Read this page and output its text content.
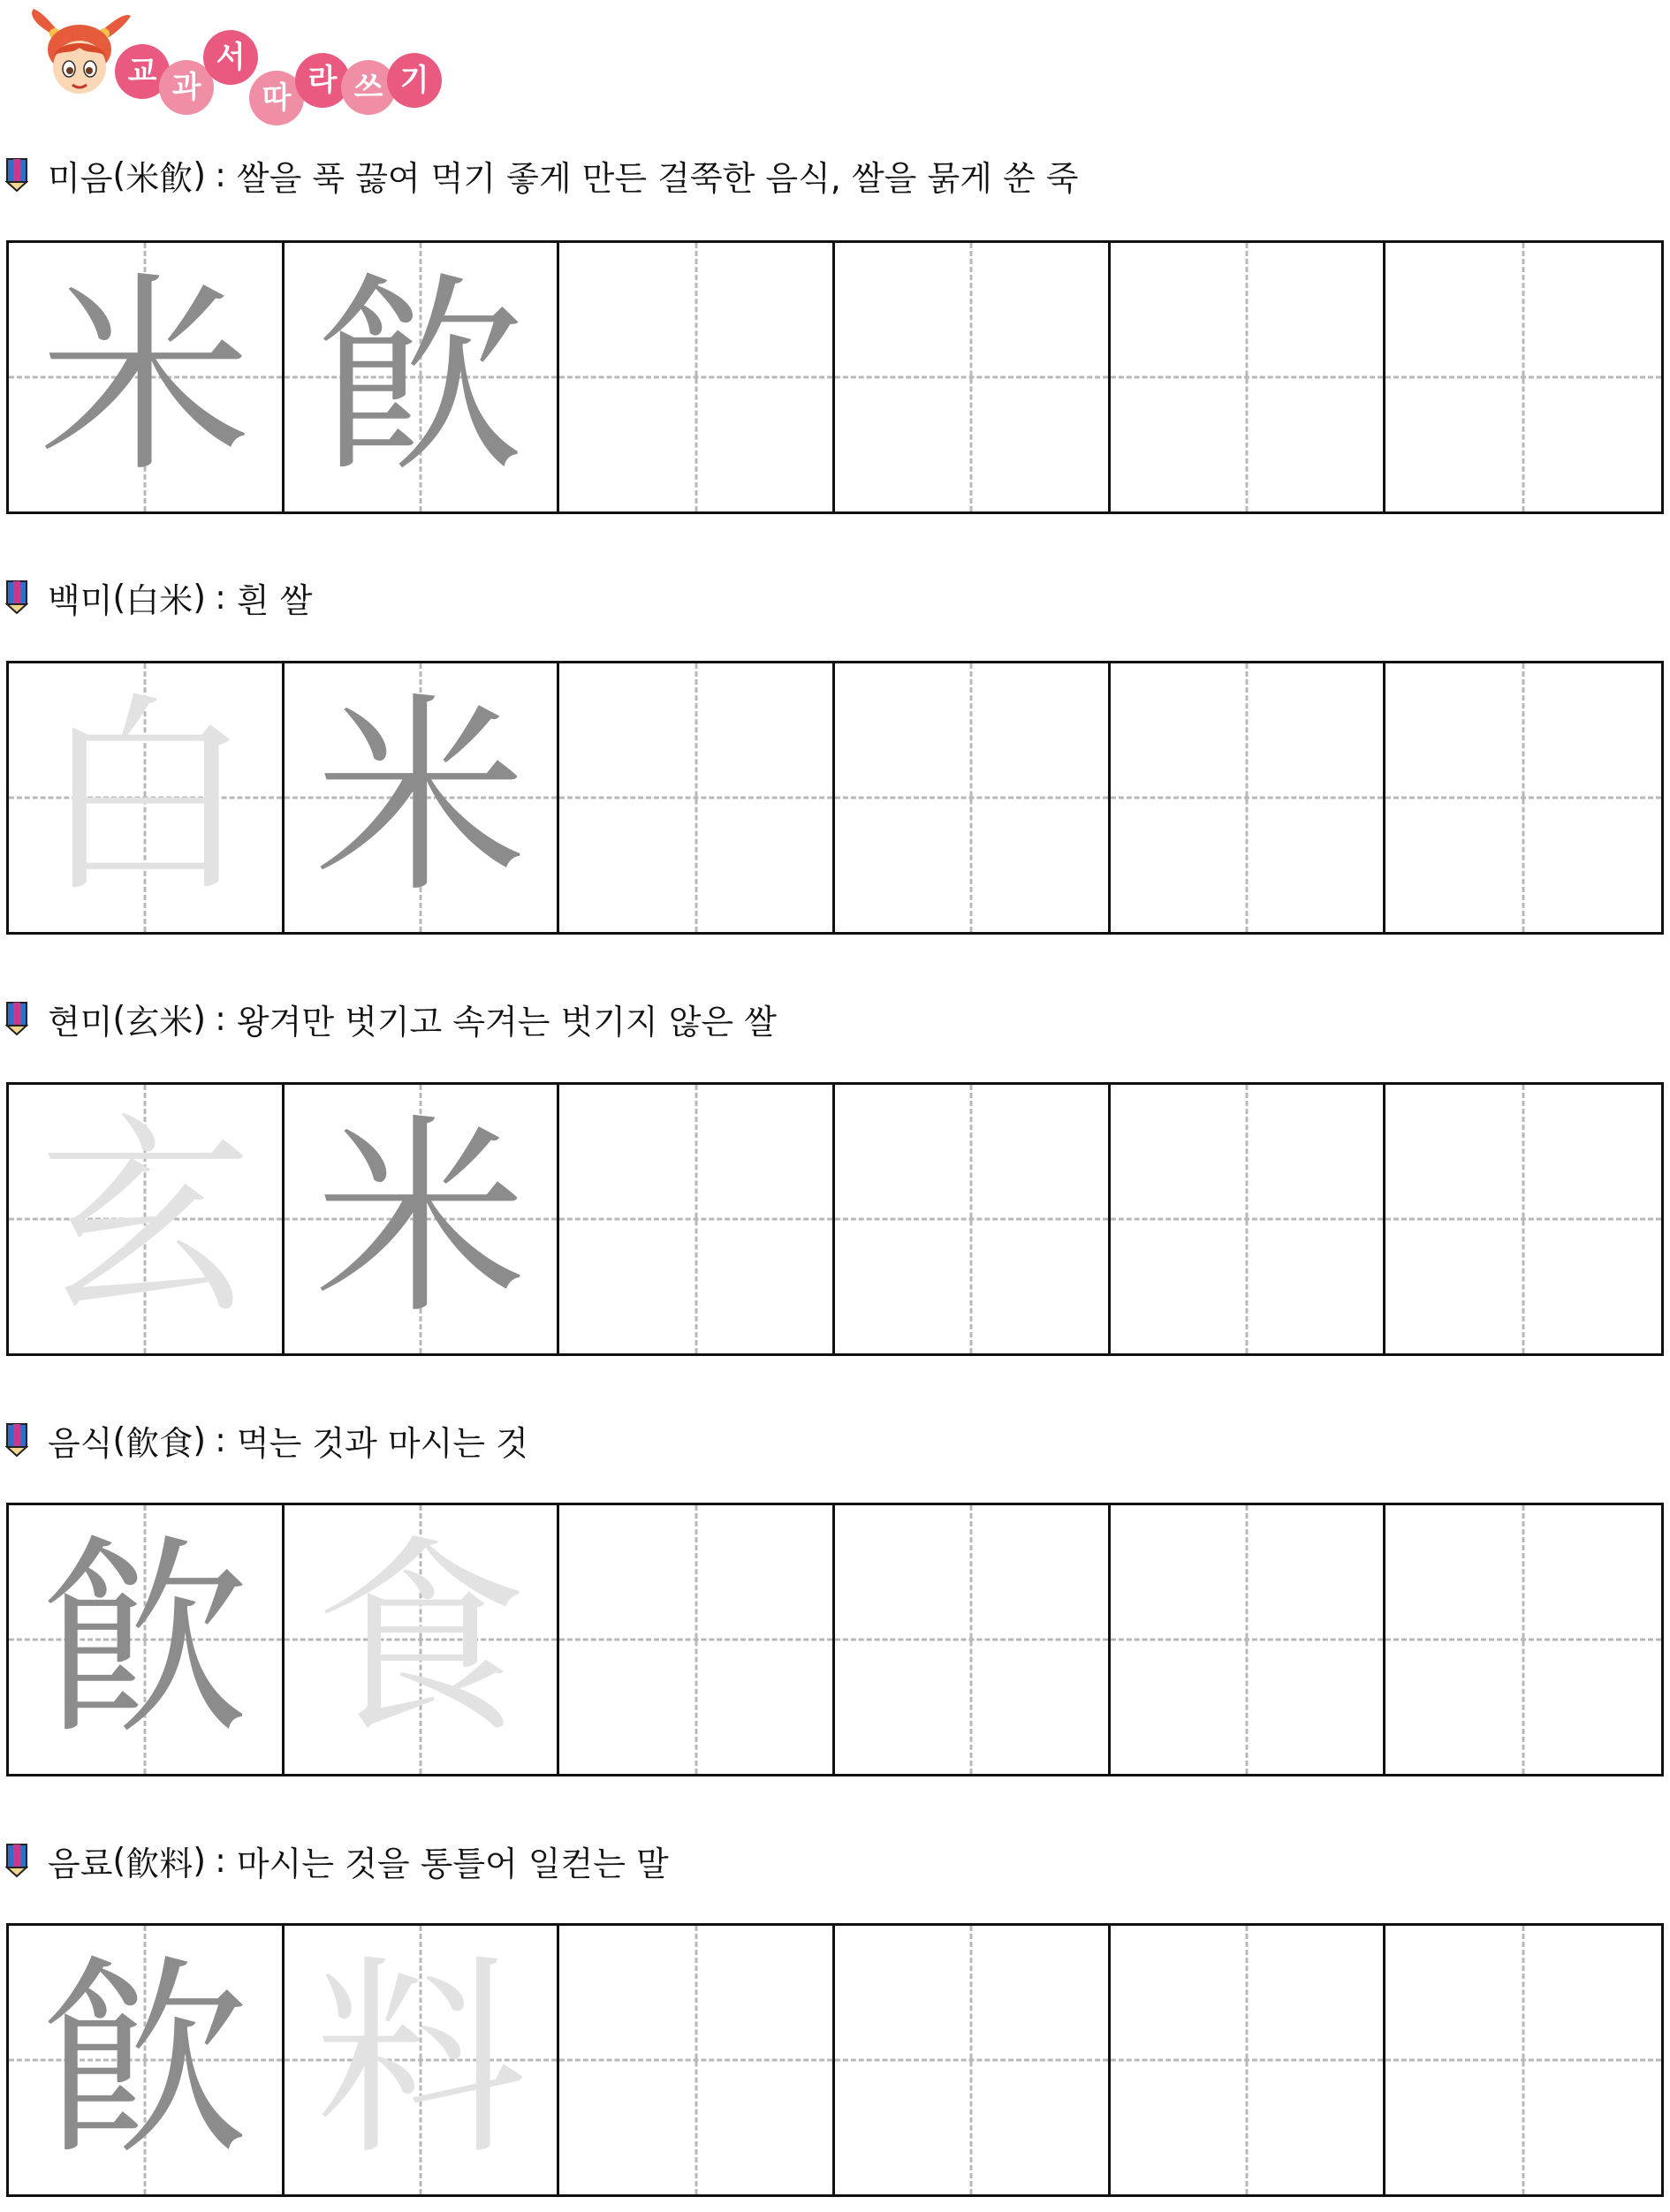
교 과
서
따 라 쓰 기
미음 ( 米飮 ) : 쌀을 푹 끓여 먹기 좋게 만든 걸쭉한 음식, 쌀을 묽게 쑨 죽
米 飮
백미 ( 白米 ) : 흰 쌀
白 米
현미 ( 玄米 ) : 왕겨만 벗기고 속겨는 벗기지 않은 쌀
玄 米
음식 ( 飮食 ) : 먹는 것과 마시는 것
飮 食
음료 ( 飮料 ) : 마시는 것을 통틀어 일컫는 말
飮 料
